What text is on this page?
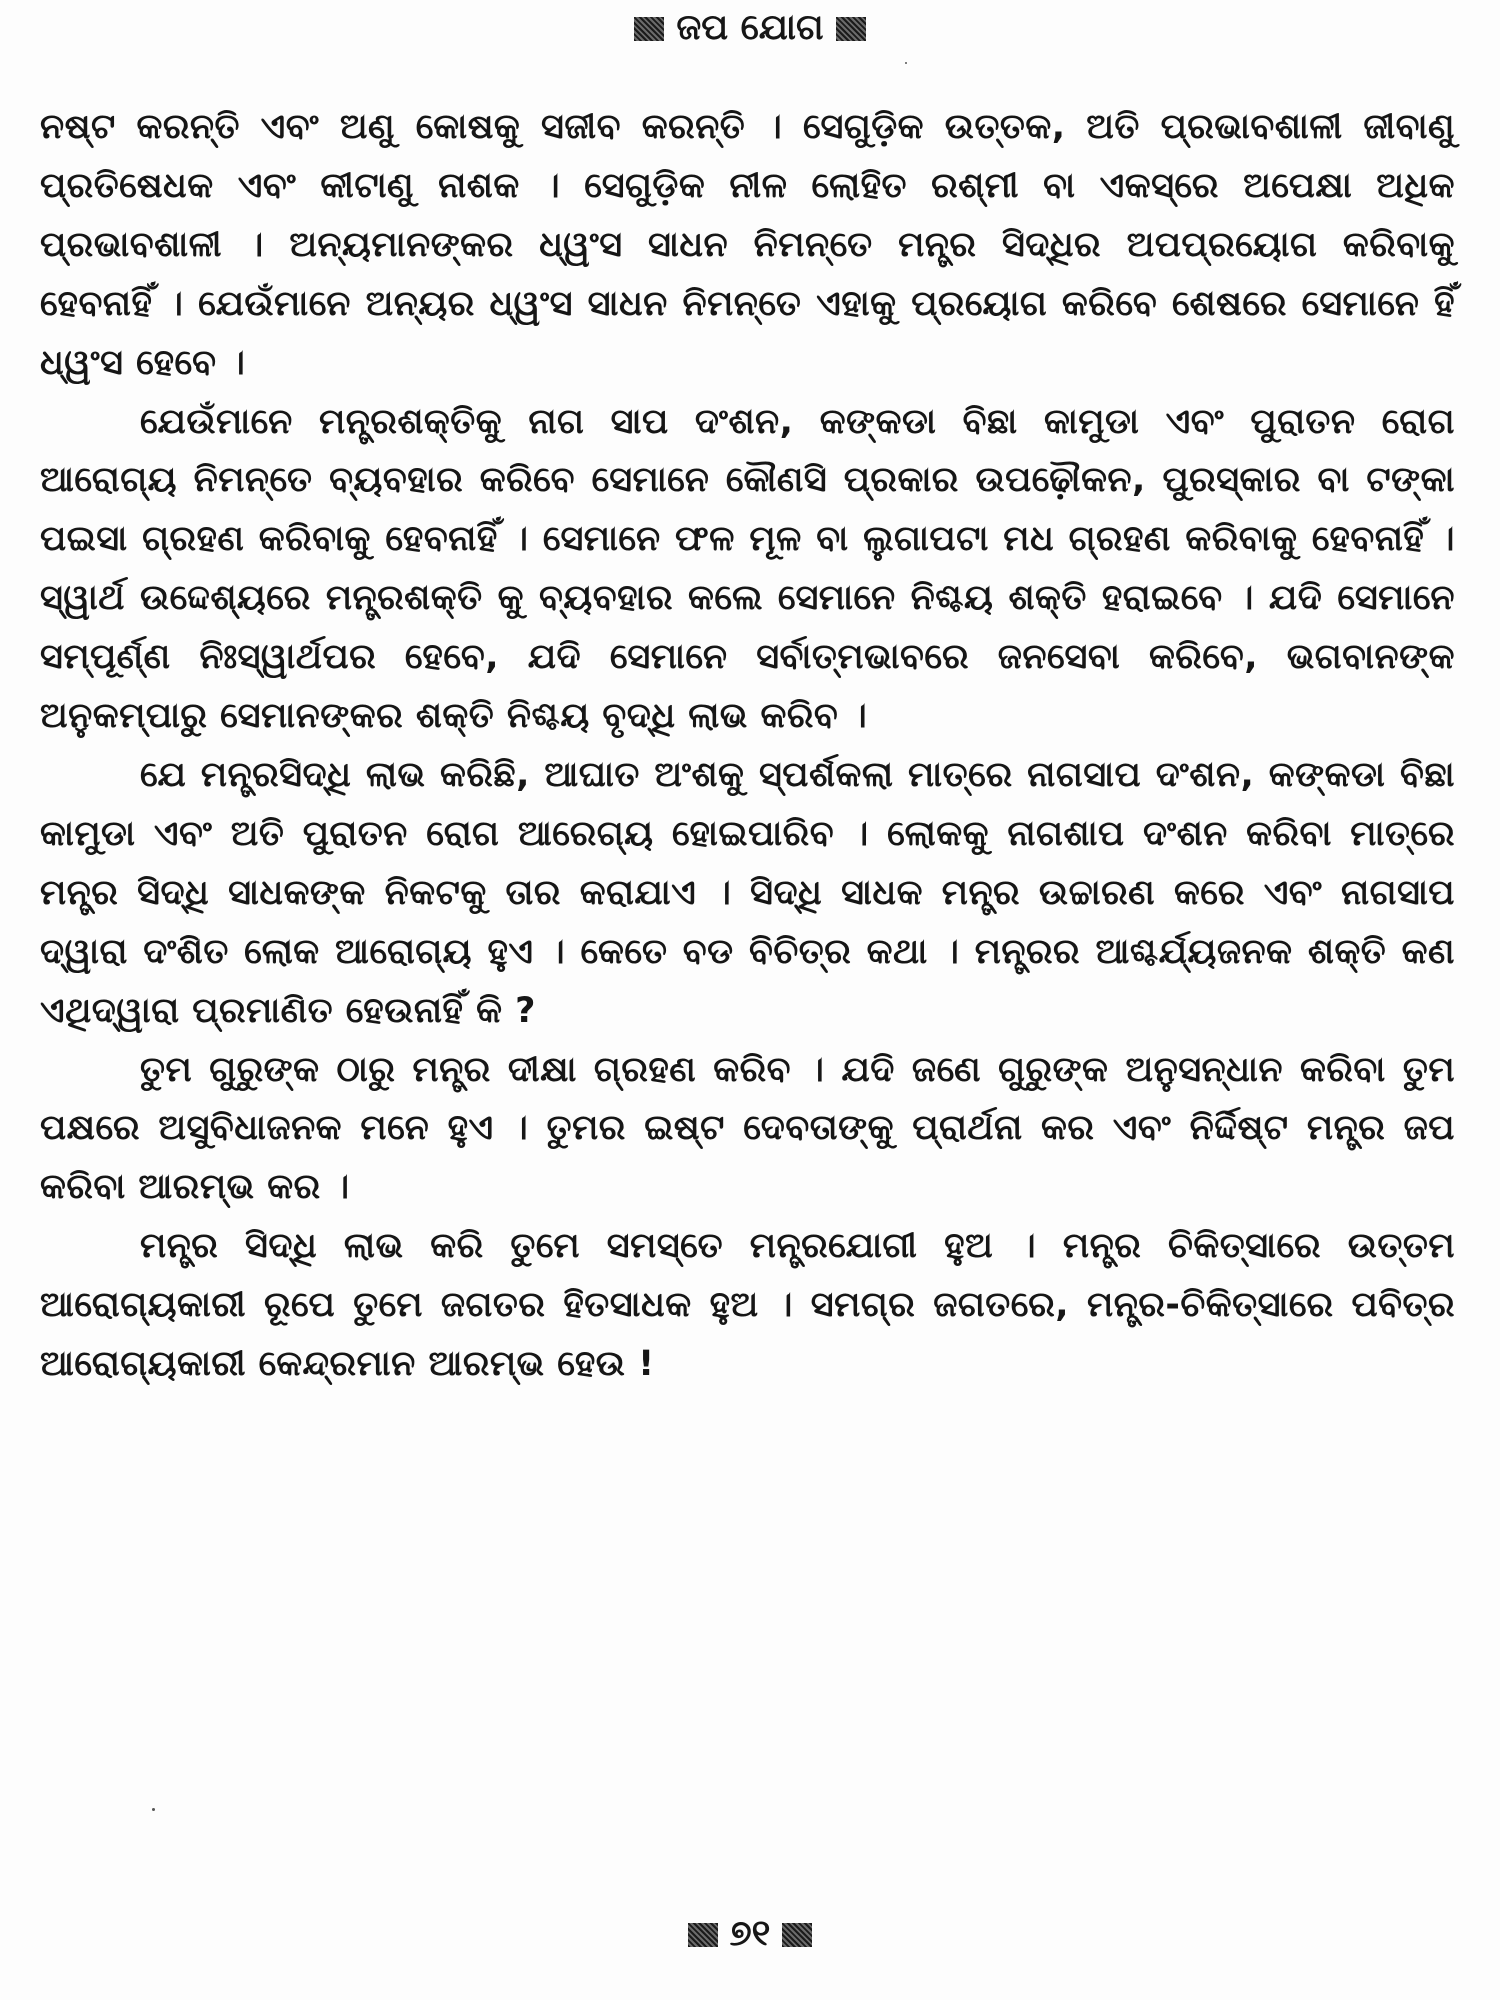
ଜପ ଯୋଗ

ନଷ୍ଟ କରନ୍ତି ଏବଂ ଅଣୁ କୋଷକୁ ସଜୀବ କରନ୍ତି । ସେଗୁଡ଼ିକ ଉତ୍ତକ, ଅତି ପ୍ରଭାବଶାଳୀ ଜୀବାଣୁ ପ୍ରତିଷେଧକ ଏବଂ କୀଟାଣୁ ନାଶକ । ସେଗୁଡ଼ିକ ନୀଳ ଲୋହିତ ରଶ୍ମୀ ବା ଏକସ୍‌ରେ ଅପେକ୍ଷା ଅଧିକ ପ୍ରଭାବଶାଳୀ । ଅନ୍ୟମାନଙ୍କର ଧ୍ୱଂସ ସାଧନ ନିମନ୍ତେ ମନ୍ତ୍ର ସିଦ୍ଧିର ଅପପ୍ରୟୋଗ କରିବାକୁ ହେବନାହିଁ । ଯେଉଁମାନେ ଅନ୍ୟର ଧ୍ୱଂସ ସାଧନ ନିମନ୍ତେ ଏହାକୁ ପ୍ରୟୋଗ କରିବେ ଶେଷରେ ସେମାନେ ହିଁ ଧ୍ୱଂସ ହେବେ ।

ଯେଉଁମାନେ ମନ୍ତ୍ରଶକ୍ତିକୁ ନାଗ ସାପ ଦଂଶନ, କଙ୍କଡା ବିଛା କାମୁଡା ଏବଂ ପୁରାତନ ରୋଗ ଆରୋଗ୍ୟ ନିମନ୍ତେ ବ୍ୟବହାର କରିବେ ସେମାନେ କୌଣସି ପ୍ରକାର ଉପଢ଼ୌକନ, ପୁରସ୍କାର ବା ଟଙ୍କା ପଇସା ଗ୍ରହଣ କରିବାକୁ ହେବନାହିଁ । ସେମାନେ ଫଳ ମୂଳ ବା ଲୁଗାପଟା ମଧ ଗ୍ରହଣ କରିବାକୁ ହେବନାହିଁ । ସ୍ୱାର୍ଥ ଉଦ୍ଦେଶ୍ୟରେ ମନ୍ତ୍ରଶକ୍ତି କୁ ବ୍ୟବହାର କଲେ ସେମାନେ ନିଶ୍ଚୟ ଶକ୍ତି ହରାଇବେ । ଯଦି ସେମାନେ ସମ୍ପୂର୍ଣ୍ଣ ନିଃସ୍ୱାର୍ଥପର ହେବେ, ଯଦି ସେମାନେ ସର୍ବାତ୍ମଭାବରେ ଜନସେବା କରିବେ, ଭଗବାନଙ୍କ ଅନୁକମ୍ପାରୁ ସେମାନଙ୍କର ଶକ୍ତି ନିଶ୍ଚୟ ବୃଦ୍ଧି ଲାଭ କରିବ ।

ଯେ ମନ୍ତ୍ରସିଦ୍ଧି ଲାଭ କରିଛି, ଆଘାତ ଅଂଶକୁ ସ୍ପର୍ଶକଲା ମାତ୍ରେ ନାଗସାପ ଦଂଶନ, କଙ୍କଡା ବିଛା କାମୁଡା ଏବଂ ଅତି ପୁରାତନ ରୋଗ ଆରେଗ୍ୟ ହୋଇପାରିବ । ଲୋକକୁ ନାଗଶାପ ଦଂଶନ କରିବା ମାତ୍ରେ ମନ୍ତ୍ର ସିଦ୍ଧି ସାଧକଙ୍କ ନିକଟକୁ ତାର କରାଯାଏ । ସିଦ୍ଧି ସାଧକ ମନ୍ତ୍ର ଉଚ୍ଚାରଣ କରେ ଏବଂ ନାଗସାପ ଦ୍ୱାରା ଦଂଶିତ ଲୋକ ଆରୋଗ୍ୟ ହୁଏ । କେତେ ବଡ ବିଚିତ୍ର କଥା । ମନ୍ତ୍ରର ଆଶ୍ଚର୍ଯ୍ୟଜନକ ଶକ୍ତି କଣ ଏଥିଦ୍ୱାରା ପ୍ରମାଣିତ ହେଉନାହିଁ କି ?

ତୁମ ଗୁରୁଙ୍କ ଠାରୁ ମନ୍ତ୍ର ଦୀକ୍ଷା ଗ୍ରହଣ କରିବ । ଯଦି ଜଣେ ଗୁରୁଙ୍କ ଅନୁସନ୍ଧାନ କରିବା ତୁମ ପକ୍ଷରେ ଅସୁବିଧାଜନକ ମନେ ହୁଏ । ତୁମର ଇଷ୍ଟ ଦେବତାଙ୍କୁ ପ୍ରାର୍ଥନା କର ଏବଂ ନିର୍ଦ୍ଦିଷ୍ଟ ମନ୍ତ୍ର ଜପ କରିବା ଆରମ୍ଭ କର ।

ମନ୍ତ୍ର ସିଦ୍ଧି ଲାଭ କରି ତୁମେ ସମସ୍ତେ ମନ୍ତ୍ରଯୋଗୀ ହୁଅ । ମନ୍ତ୍ର ଚିକିତ୍ସାରେ ଉତ୍ତମ ଆରୋଗ୍ୟକାରୀ ରୂପେ ତୁମେ ଜଗତର ହିତସାଧକ ହୁଅ । ସମଗ୍ର ଜଗତରେ, ମନ୍ତ୍ର-ଚିକିତ୍ସାରେ ପବିତ୍ର ଆରୋଗ୍ୟକାରୀ କେନ୍ଦ୍ରମାନ ଆରମ୍ଭ ହେଉ !

୭୧
